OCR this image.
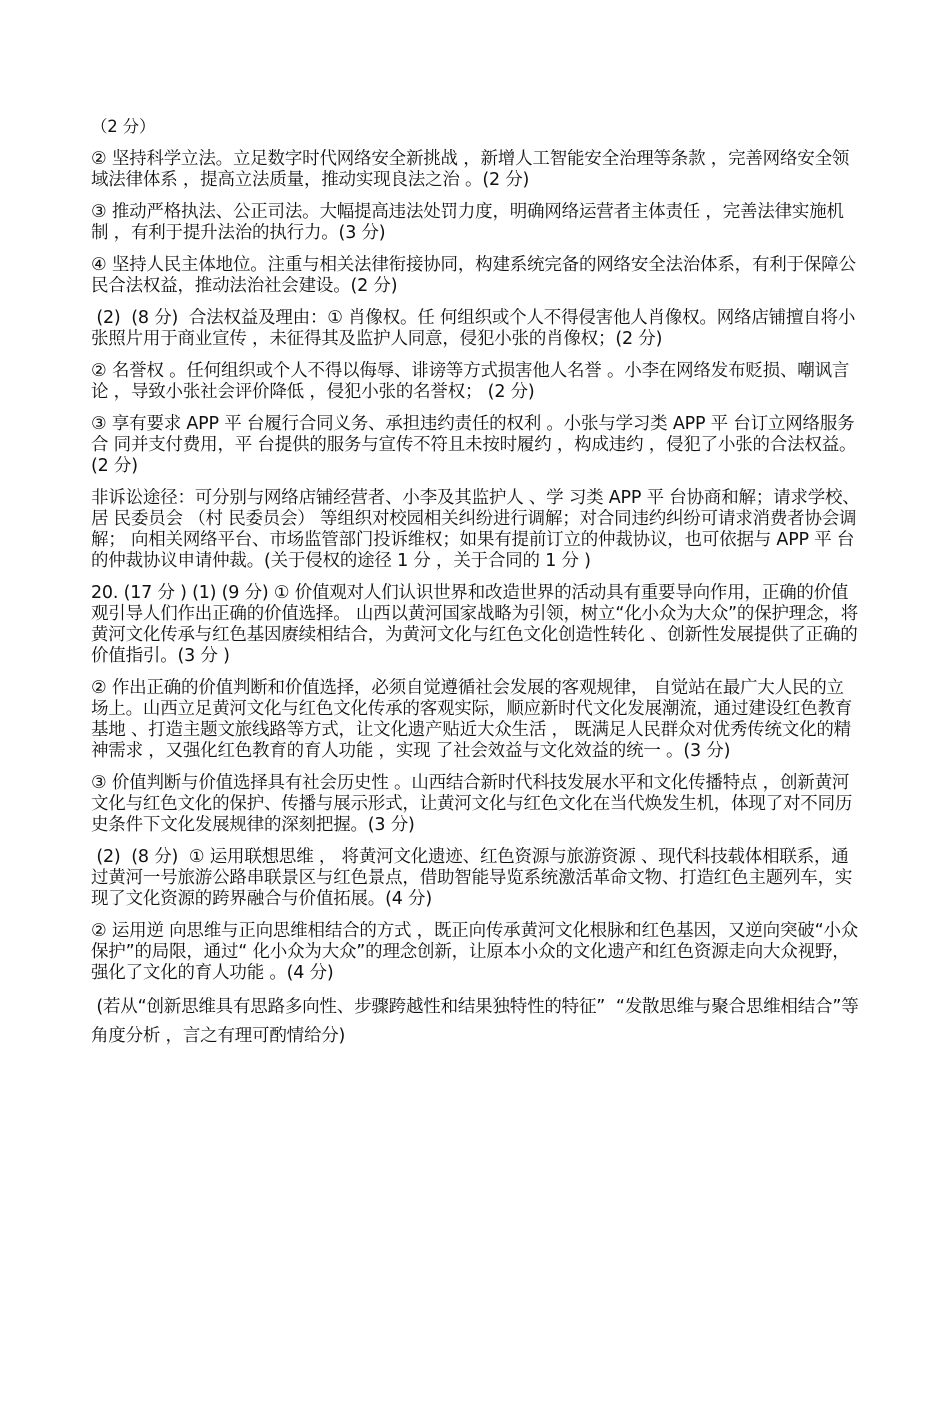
（2 分）

② 坚持科学立法。立足数字时代网络安全新挑战 ，新增人工智能安全治理等条款 ，完善网络安全领域法律体系 ，提高立法质量，推动实现良法之治 。(2 分)

③ 推动严格执法、公正司法。大幅提高违法处罚力度，明确网络运营者主体责任 ，完善法律实施机制 ，有利于提升法治的执行力。(3 分)

④ 坚持人民主体地位。注重与相关法律衔接协同，构建系统完备的网络安全法治体系，有利于保障公民合法权益，推动法治社会建设。(2 分)

(2)  (8 分)  合法权益及理由：① 肖像权。任 何组织或个人不得侵害他人肖像权。网络店铺擅自将小张照片用于商业宣传 ，未征得其及监护人同意，侵犯小张的肖像权；(2 分)

② 名誉权 。任何组织或个人不得以侮辱、诽谤等方式损害他人名誉 。小李在网络发布贬损、嘲讽言论 ，导致小张社会评价降低 ，侵犯小张的名誉权； (2 分)

③ 享有要求 APP 平 台履行合同义务、承担违约责任的权利 。小张与学习类 APP 平 台订立网络服务合 同并支付费用，平 台提供的服务与宣传不符且未按时履约 ，构成违约 ，侵犯了小张的合法权益。(2 分)

非诉讼途径：可分别与网络店铺经营者、小李及其监护人 、学 习类 APP 平 台协商和解；请求学校、居 民委员会 （村 民委员会） 等组织对校园相关纠纷进行调解；对合同违约纠纷可请求消费者协会调解； 向相关网络平台、市场监管部门投诉维权；如果有提前订立的仲裁协议，也可依据与 APP 平 台的仲裁协议申请仲裁。(关于侵权的途径 1 分 ，关于合同的 1 分 )

20. (17 分 ) (1) (9 分) ① 价值观对人们认识世界和改造世界的活动具有重要导向作用，正确的价值观引导人们作出正确的价值选择。 山西以黄河国家战略为引领，树立“化小众为大众”的保护理念，将黄河文化传承与红色基因赓续相结合，为黄河文化与红色文化创造性转化 、创新性发展提供了正确的价值指引。(3 分 )

② 作出正确的价值判断和价值选择，必须自觉遵循社会发展的客观规律， 自觉站在最广大人民的立场上。山西立足黄河文化与红色文化传承的客观实际，顺应新时代文化发展潮流，通过建设红色教育基地 、打造主题文旅线路等方式，让文化遗产贴近大众生活 ， 既满足人民群众对优秀传统文化的精神需求 ，又强化红色教育的育人功能 ，实现 了社会效益与文化效益的统一 。(3 分)

③ 价值判断与价值选择具有社会历史性 。山西结合新时代科技发展水平和文化传播特点 ，创新黄河文化与红色文化的保护、传播与展示形式，让黄河文化与红色文化在当代焕发生机，体现了对不同历史条件下文化发展规律的深刻把握。(3 分)

(2)  (8 分)  ① 运用联想思维 ， 将黄河文化遗迹、红色资源与旅游资源 、现代科技载体相联系，通过黄河一号旅游公路串联景区与红色景点，借助智能导览系统激活革命文物、打造红色主题列车，实现了文化资源的跨界融合与价值拓展。(4 分)

② 运用逆 向思维与正向思维相结合的方式 ，既正向传承黄河文化根脉和红色基因，又逆向突破“小众保护”的局限，通过“ 化小众为大众”的理念创新，让原本小众的文化遗产和红色资源走向大众视野，强化了文化的育人功能 。(4 分)

(若从“创新思维具有思路多向性、步骤跨越性和结果独特性的特征”  “发散思维与聚合思维相结合”等角度分析 ，言之有理可酌情给分)
